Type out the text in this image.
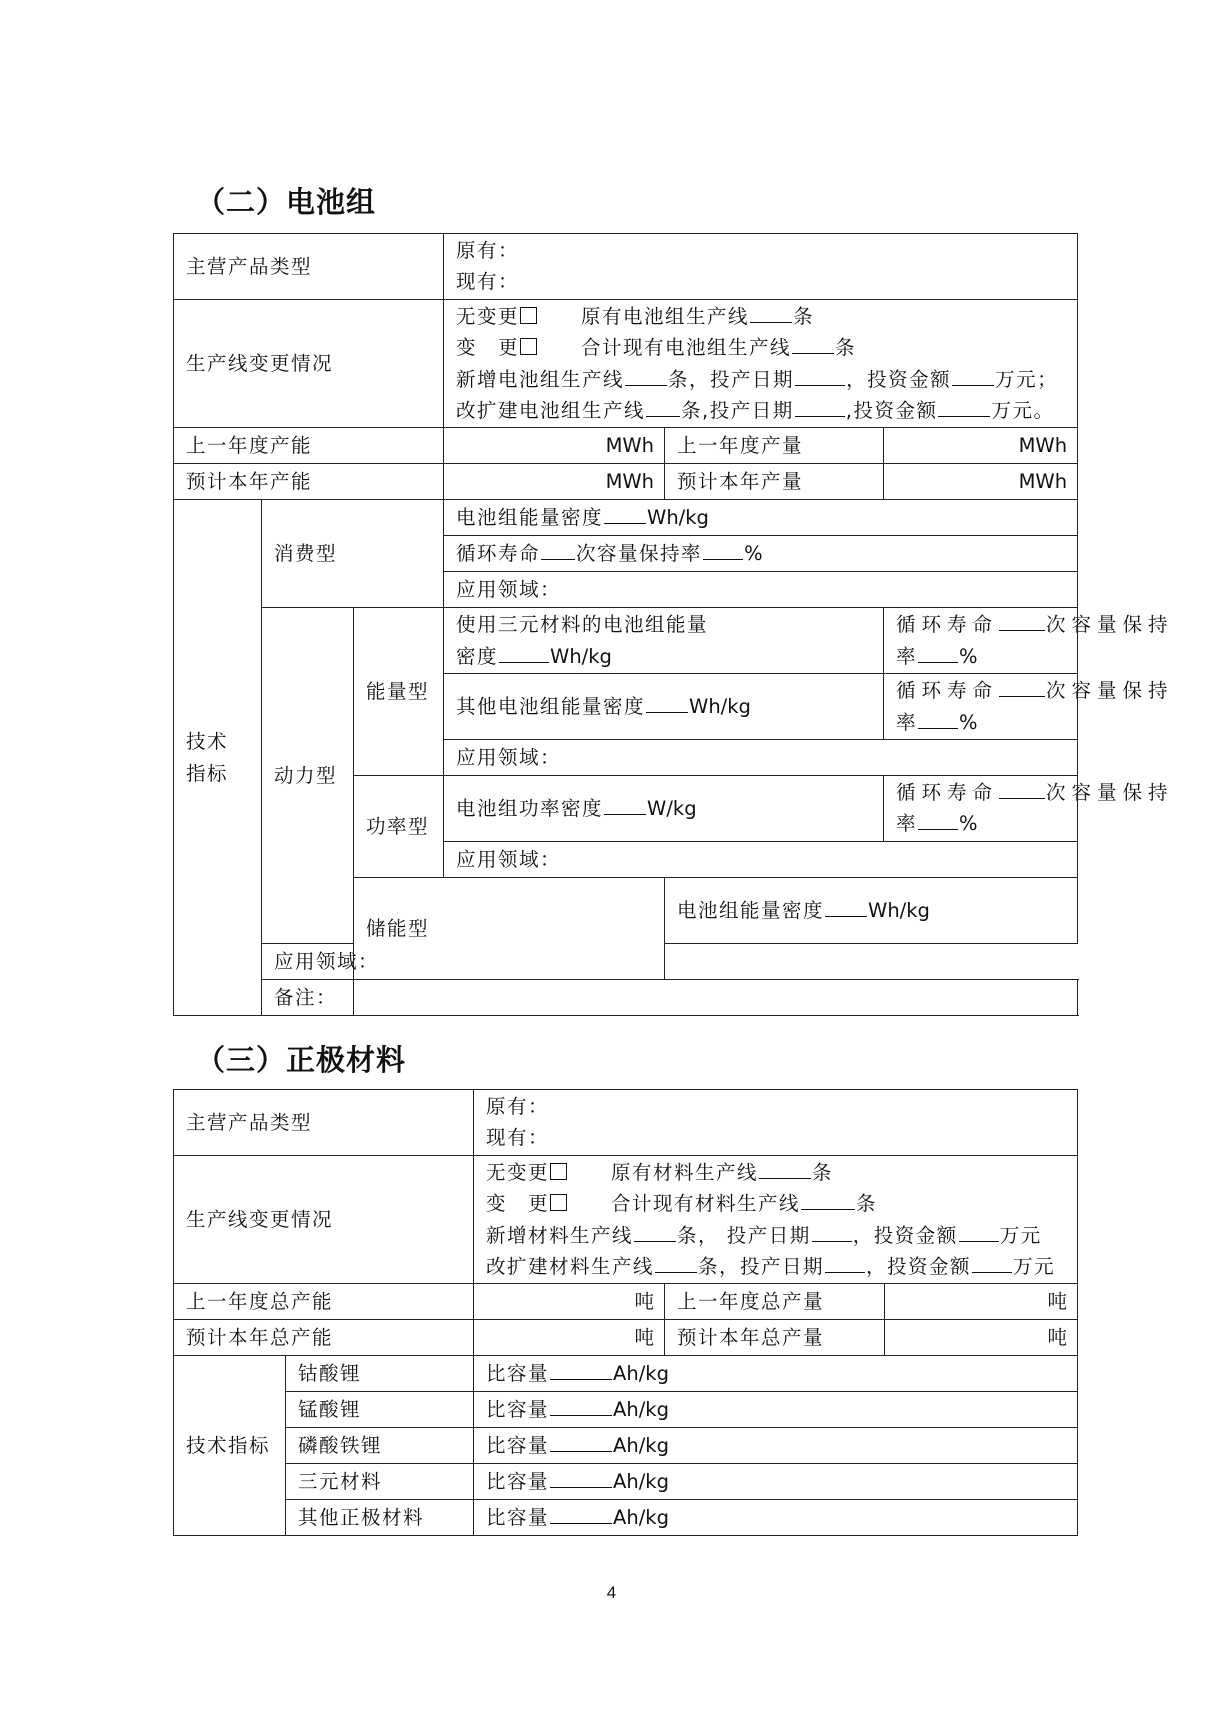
（二）电池组
主营产品类型			原有：
现有：			

生产线变更情况			无变更 原有电池组生产线 条
变　更 合计现有电池组生产线 条
新增电池组生产线 条，投产日期 ，投资金额 万元；
改扩建电池组生产线 条,投产日期 ,投资金额 万元。			

上一年度产能			MWh	上一年度产量	MWh	
预计本年产能			MWh	预计本年产量	MWh	

技术
指标	消费型		电池组能量密度 Wh/kg			
			循环寿命 次容量保持率 %			
			应用领域：			
	动力型	能量型	使用三元材料的电池组能量
密度 Wh/kg		循环寿命 次容量保持
率 %	

			其他电池组能量密度 Wh/kg		循环寿命 次容量保持
率 %	

			应用领域：			
		功率型	电池组功率密度 W/kg		循环寿命 次容量保持
率 %	

			应用领域：			
		储能型		电池组能量密度 Wh/kg	

	应用领域：					
	备注：					
（三）正极材料
主营产品类型		原有：
现有：		

生产线变更情况		无变更 原有材料生产线 条
变　更 合计现有材料生产线 条
新增材料生产线 条， 投产日期 ，投资金额 万元
改扩建材料生产线 条，投产日期 ，投资金额 万元		

上一年度总产能		吨	上一年度总产量	吨
预计本年总产能		吨	预计本年总产量	吨
技术指标	钴酸锂	比容量 Ah/kg		
	锰酸锂	比容量 Ah/kg		
	磷酸铁锂	比容量 Ah/kg		
	三元材料	比容量 Ah/kg		
	其他正极材料	比容量 Ah/kg		
4
